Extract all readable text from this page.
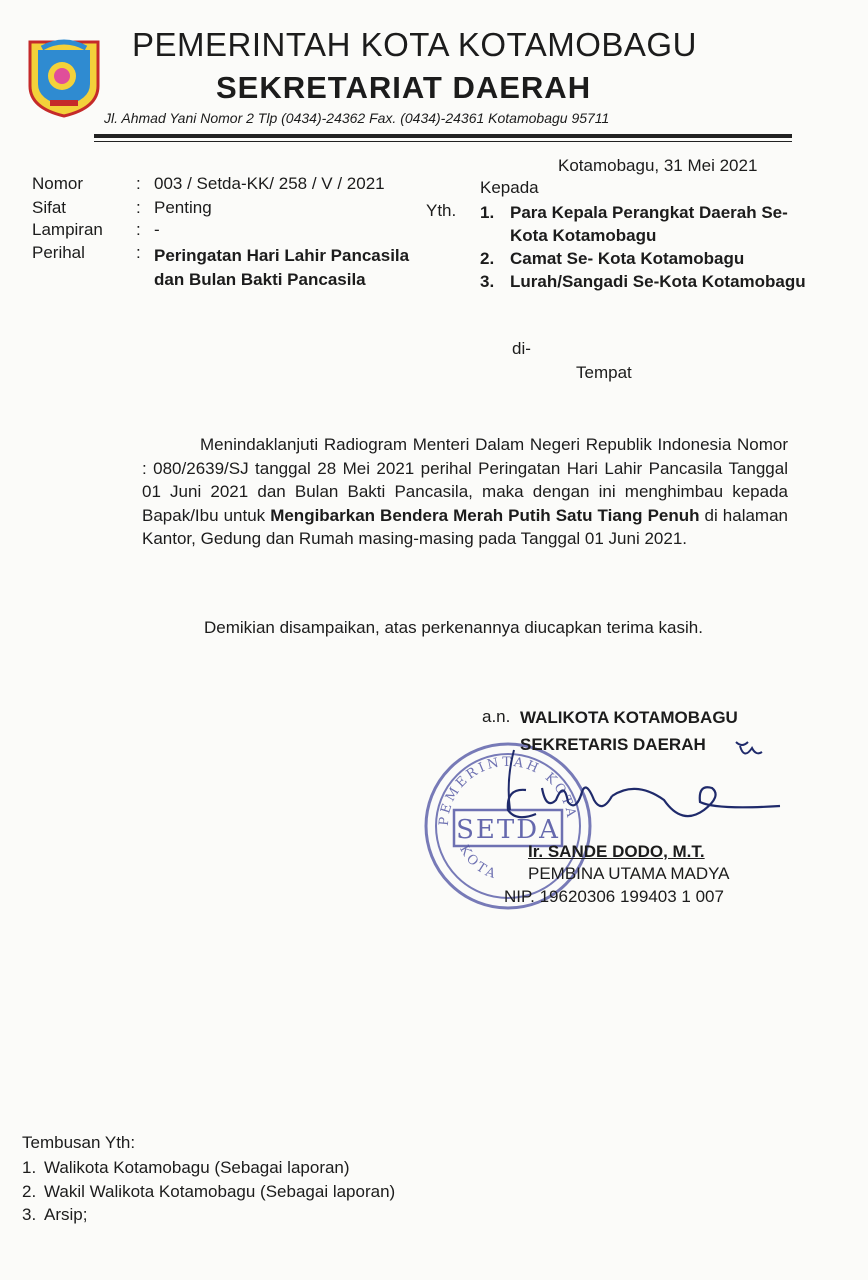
PEMERINTAH KOTA KOTAMOBAGU
SEKRETARIAT DAERAH
Jl. Ahmad Yani Nomor 2 Tlp (0434)-24362 Fax. (0434)-24361 Kotamobagu 95711
Kotamobagu, 31 Mei 2021
Nomor	: 003 / Setda-KK/ 258 / V / 2021
Sifat	: Penting
Lampiran : -
Perihal	: Peringatan Hari Lahir Pancasila dan Bulan Bakti Pancasila
Kepada
Yth. 1. Para Kepala Perangkat Daerah Se-Kota Kotamobagu
2. Camat Se- Kota Kotamobagu
3. Lurah/Sangadi Se-Kota Kotamobagu
di-
Tempat
Menindaklanjuti Radiogram Menteri Dalam Negeri Republik Indonesia Nomor : 080/2639/SJ tanggal 28 Mei 2021 perihal Peringatan Hari Lahir Pancasila Tanggal 01 Juni 2021 dan Bulan Bakti Pancasila, maka dengan ini menghimbau kepada Bapak/Ibu untuk Mengibarkan Bendera Merah Putih Satu Tiang Penuh di halaman Kantor, Gedung dan Rumah masing-masing pada Tanggal 01 Juni 2021.
Demikian disampaikan, atas perkenannya diucapkan terima kasih.
PEMERINTAH KOTA
SETDA
KOTA
a.n. WALIKOTA KOTAMOBAGU
SEKRETARIS DAERAH
Ir. SANDE DODO, M.T.
PEMBINA UTAMA MADYA
NIP. 19620306 199403 1 007
Tembusan Yth:
1. Walikota Kotamobagu (Sebagai laporan)
2. Wakil Walikota Kotamobagu (Sebagai laporan)
3. Arsip;
